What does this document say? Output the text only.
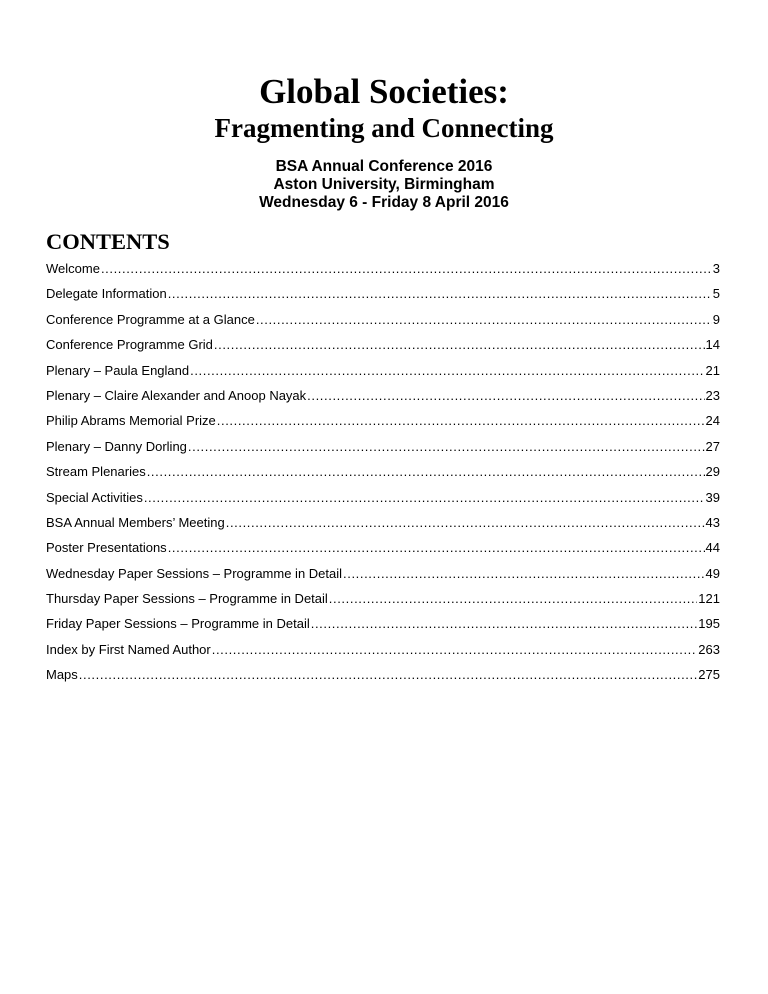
Global Societies:
Fragmenting and Connecting
BSA Annual Conference 2016
Aston University, Birmingham
Wednesday 6 - Friday 8 April 2016
CONTENTS
Welcome .....	3
Delegate Information .....	5
Conference Programme at a Glance .....	9
Conference Programme Grid .....	14
Plenary – Paula England .....	21
Plenary – Claire Alexander and Anoop Nayak .....	23
Philip Abrams Memorial Prize .....	24
Plenary – Danny Dorling .....	27
Stream Plenaries .....	29
Special Activities .....	39
BSA Annual Members’ Meeting .....	43
Poster Presentations .....	44
Wednesday Paper Sessions – Programme in Detail .....	49
Thursday Paper Sessions – Programme in Detail .....	121
Friday Paper Sessions – Programme in Detail .....	195
Index by First Named Author .....	263
Maps .....	275
